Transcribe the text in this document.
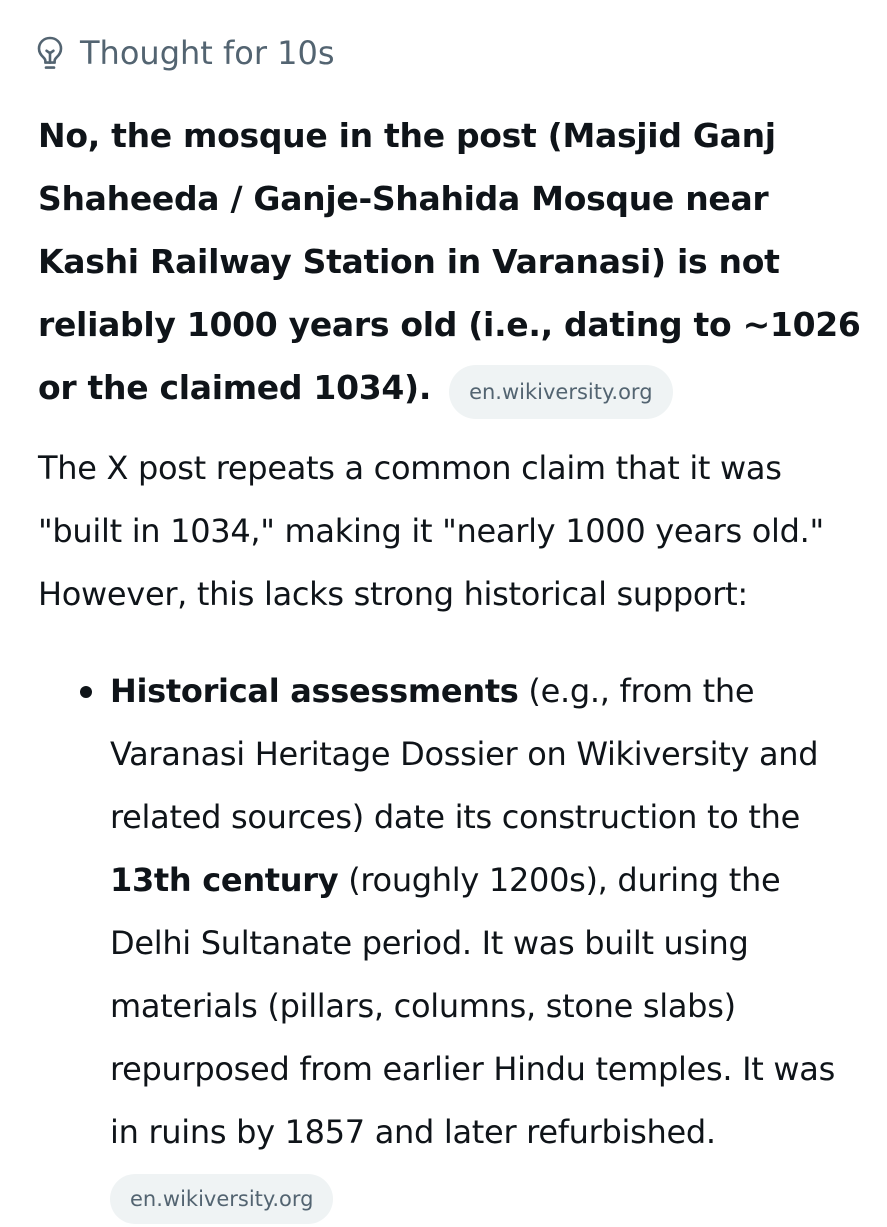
Thought for 10s

No, the mosque in the post (Masjid Ganj Shaheeda / Ganje-Shahida Mosque near Kashi Railway Station in Varanasi) is not reliably 1000 years old (i.e., dating to ~1026 or the claimed 1034). en.wikiversity.org

The X post repeats a common claim that it was "built in 1034," making it "nearly 1000 years old." However, this lacks strong historical support:

Historical assessments (e.g., from the Varanasi Heritage Dossier on Wikiversity and related sources) date its construction to the 13th century (roughly 1200s), during the Delhi Sultanate period. It was built using materials (pillars, columns, stone slabs) repurposed from earlier Hindu temples. It was in ruins by 1857 and later refurbished.
en.wikiversity.org
